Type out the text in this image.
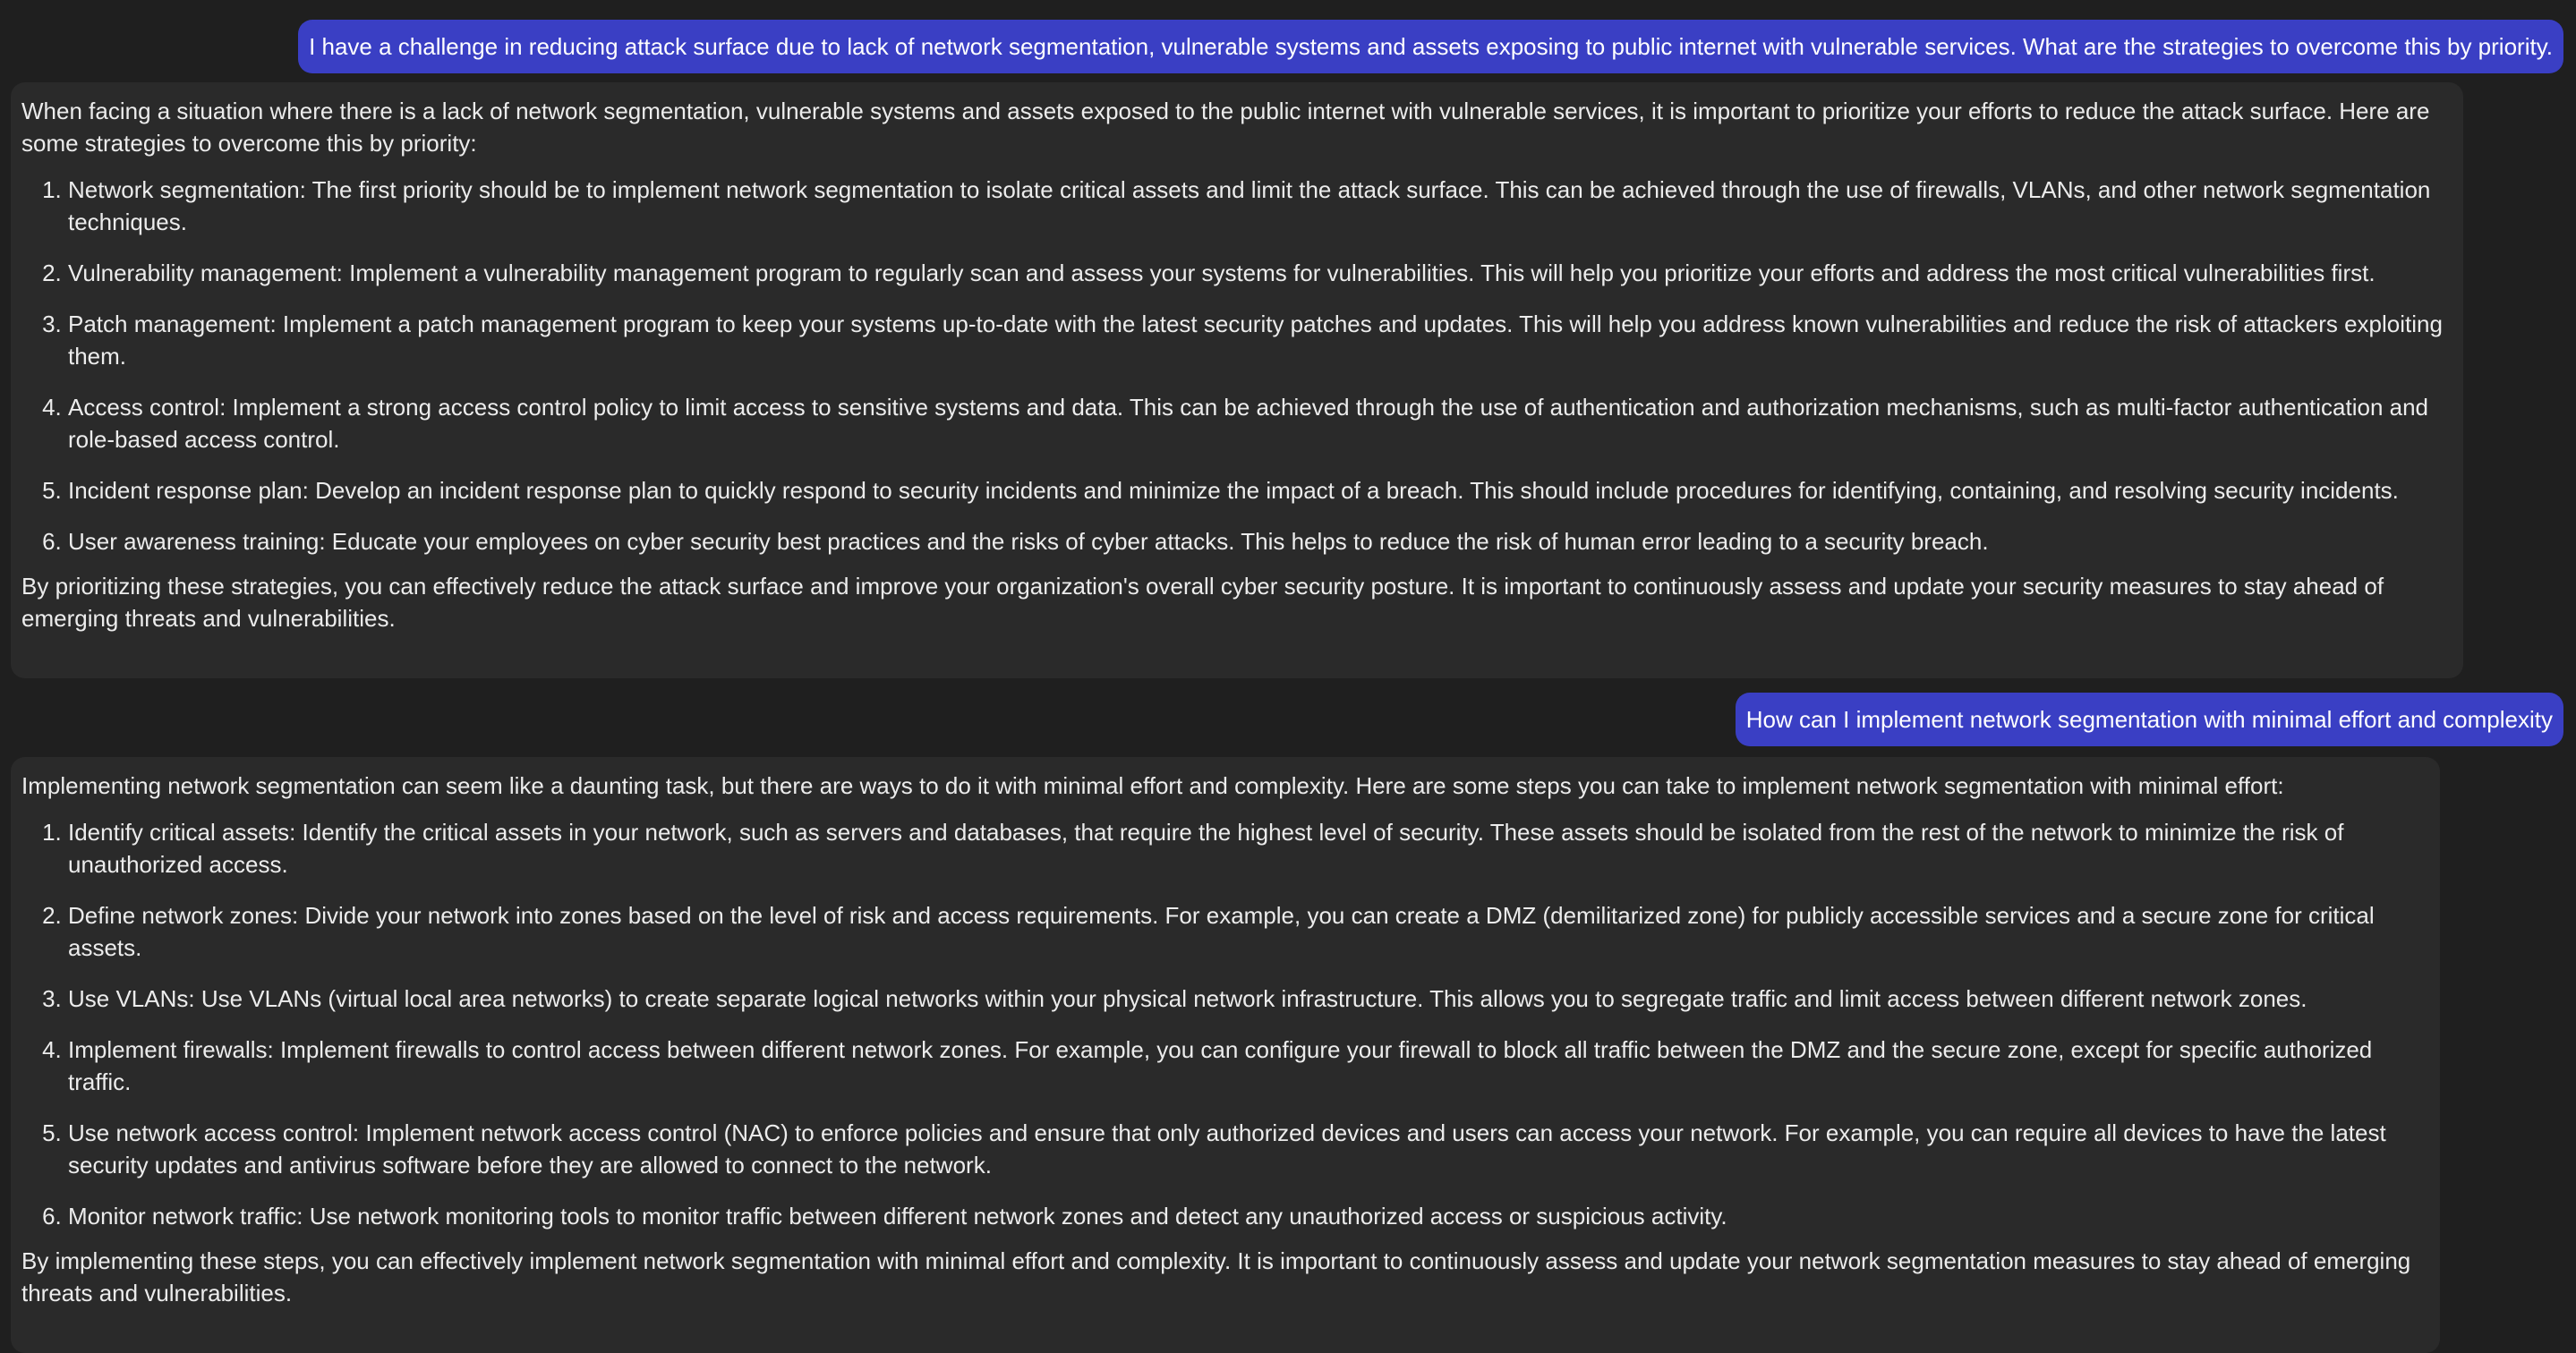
I have a challenge in reducing attack surface due to lack of network segmentation, vulnerable systems and assets exposing to public internet with vulnerable services. What are the strategies to overcome this by priority.

When facing a situation where there is a lack of network segmentation, vulnerable systems and assets exposed to the public internet with vulnerable services, it is important to prioritize your efforts to reduce the attack surface. Here are some strategies to overcome this by priority:

1. Network segmentation: The first priority should be to implement network segmentation to isolate critical assets and limit the attack surface. This can be achieved through the use of firewalls, VLANs, and other network segmentation techniques.
2. Vulnerability management: Implement a vulnerability management program to regularly scan and assess your systems for vulnerabilities. This will help you prioritize your efforts and address the most critical vulnerabilities first.
3. Patch management: Implement a patch management program to keep your systems up-to-date with the latest security patches and updates. This will help you address known vulnerabilities and reduce the risk of attackers exploiting them.
4. Access control: Implement a strong access control policy to limit access to sensitive systems and data. This can be achieved through the use of authentication and authorization mechanisms, such as multi-factor authentication and role-based access control.
5. Incident response plan: Develop an incident response plan to quickly respond to security incidents and minimize the impact of a breach. This should include procedures for identifying, containing, and resolving security incidents.
6. User awareness training: Educate your employees on cyber security best practices and the risks of cyber attacks. This helps to reduce the risk of human error leading to a security breach.

By prioritizing these strategies, you can effectively reduce the attack surface and improve your organization's overall cyber security posture. It is important to continuously assess and update your security measures to stay ahead of emerging threats and vulnerabilities.

How can I implement network segmentation with minimal effort and complexity

Implementing network segmentation can seem like a daunting task, but there are ways to do it with minimal effort and complexity. Here are some steps you can take to implement network segmentation with minimal effort:

1. Identify critical assets: Identify the critical assets in your network, such as servers and databases, that require the highest level of security. These assets should be isolated from the rest of the network to minimize the risk of unauthorized access.
2. Define network zones: Divide your network into zones based on the level of risk and access requirements. For example, you can create a DMZ (demilitarized zone) for publicly accessible services and a secure zone for critical assets.
3. Use VLANs: Use VLANs (virtual local area networks) to create separate logical networks within your physical network infrastructure. This allows you to segregate traffic and limit access between different network zones.
4. Implement firewalls: Implement firewalls to control access between different network zones. For example, you can configure your firewall to block all traffic between the DMZ and the secure zone, except for specific authorized traffic.
5. Use network access control: Implement network access control (NAC) to enforce policies and ensure that only authorized devices and users can access your network. For example, you can require all devices to have the latest security updates and antivirus software before they are allowed to connect to the network.
6. Monitor network traffic: Use network monitoring tools to monitor traffic between different network zones and detect any unauthorized access or suspicious activity.

By implementing these steps, you can effectively implement network segmentation with minimal effort and complexity. It is important to continuously assess and update your network segmentation measures to stay ahead of emerging threats and vulnerabilities.
